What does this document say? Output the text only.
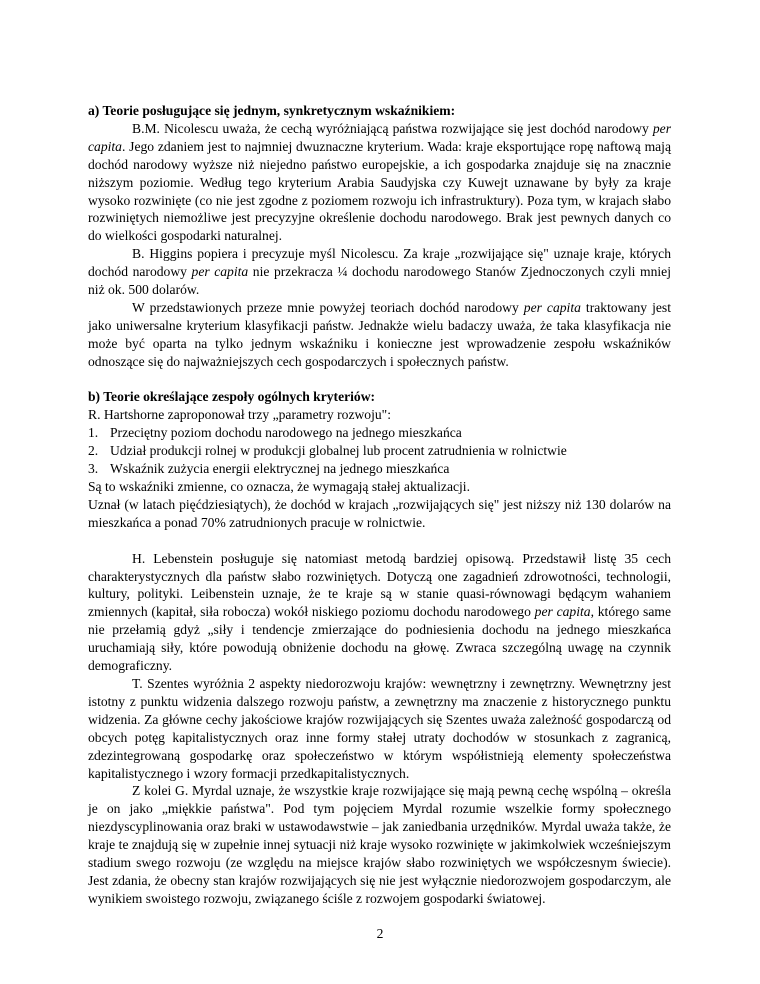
a) Teorie posługujące się jednym, synkretycznym wskaźnikiem:

B.M. Nicolescu uważa, że cechą wyróżniającą państwa rozwijające się jest dochód narodowy per capita. Jego zdaniem jest to najmniej dwuznaczne kryterium. Wada: kraje eksportujące ropę naftową mają dochód narodowy wyższe niż niejedno państwo europejskie, a ich gospodarka znajduje się na znacznie niższym poziomie. Według tego kryterium Arabia Saudyjska czy Kuwejt uznawane by były za kraje wysoko rozwinięte (co nie jest zgodne z poziomem rozwoju ich infrastruktury). Poza tym, w krajach słabo rozwiniętych niemożliwe jest precyzyjne określenie dochodu narodowego. Brak jest pewnych danych co do wielkości gospodarki naturalnej.

B. Higgins popiera i precyzuje myśl Nicolescu. Za kraje „rozwijające się" uznaje kraje, których dochód narodowy per capita nie przekracza ¼ dochodu narodowego Stanów Zjednoczonych czyli mniej niż ok. 500 dolarów.

W przedstawionych przeze mnie powyżej teoriach dochód narodowy per capita traktowany jest jako uniwersalne kryterium klasyfikacji państw. Jednakże wielu badaczy uważa, że taka klasyfikacja nie może być oparta na tylko jednym wskaźniku i konieczne jest wprowadzenie zespołu wskaźników odnoszące się do najważniejszych cech gospodarczych i społecznych państw.

b) Teorie określające zespoły ogólnych kryteriów:

R. Hartshorne zaproponował trzy „parametry rozwoju":

1. Przeciętny poziom dochodu narodowego na jednego mieszkańca
2. Udział produkcji rolnej w produkcji globalnej lub procent zatrudnienia w rolnictwie
3. Wskaźnik zużycia energii elektrycznej na jednego mieszkańca

Są to wskaźniki zmienne, co oznacza, że wymagają stałej aktualizacji.

Uznał (w latach pięćdziesiątych), że dochód w krajach „rozwijających się" jest niższy niż 130 dolarów na mieszkańca a ponad 70% zatrudnionych pracuje w rolnictwie.

H. Lebenstein posługuje się natomiast metodą bardziej opisową. Przedstawił listę 35 cech charakterystycznych dla państw słabo rozwiniętych. Dotyczą one zagadnień zdrowotności, technologii, kultury, polityki. Leibenstein uznaje, że te kraje są w stanie quasi-równowagi będącym wahaniem zmiennych (kapitał, siła robocza) wokół niskiego poziomu dochodu narodowego per capita, którego same nie przełamią gdyż „siły i tendencje zmierzające do podniesienia dochodu na jednego mieszkańca uruchamiają siły, które powodują obniżenie dochodu na głowę. Zwraca szczególną uwagę na czynnik demograficzny.

T. Szentes wyróżnia 2 aspekty niedorozwoju krajów: wewnętrzny i zewnętrzny. Wewnętrzny jest istotny z punktu widzenia dalszego rozwoju państw, a zewnętrzny ma znaczenie z historycznego punktu widzenia. Za główne cechy jakościowe krajów rozwijających się Szentes uważa zależność gospodarczą od obcych potęg kapitalistycznych oraz inne formy stałej utraty dochodów w stosunkach z zagranicą, zdezintegrowaną gospodarkę oraz społeczeństwo w którym współistnieją elementy społeczeństwa kapitalistycznego i wzory formacji przedkapitalistycznych.

Z kolei G. Myrdal uznaje, że wszystkie kraje rozwijające się mają pewną cechę wspólną – określa je on jako „miękkie państwa". Pod tym pojęciem Myrdal rozumie wszelkie formy społecznego niezdyscyplinowania oraz braki w ustawodawstwie – jak zaniedbania urzędników. Myrdal uważa także, że kraje te znajdują się w zupełnie innej sytuacji niż kraje wysoko rozwinięte w jakimkolwiek wcześniejszym stadium swego rozwoju (ze względu na miejsce krajów słabo rozwiniętych we współczesnym świecie). Jest zdania, że obecny stan krajów rozwijających się nie jest wyłącznie niedorozwojem gospodarczym, ale wynikiem swoistego rozwoju, związanego ściśle z rozwojem gospodarki światowej.

2
